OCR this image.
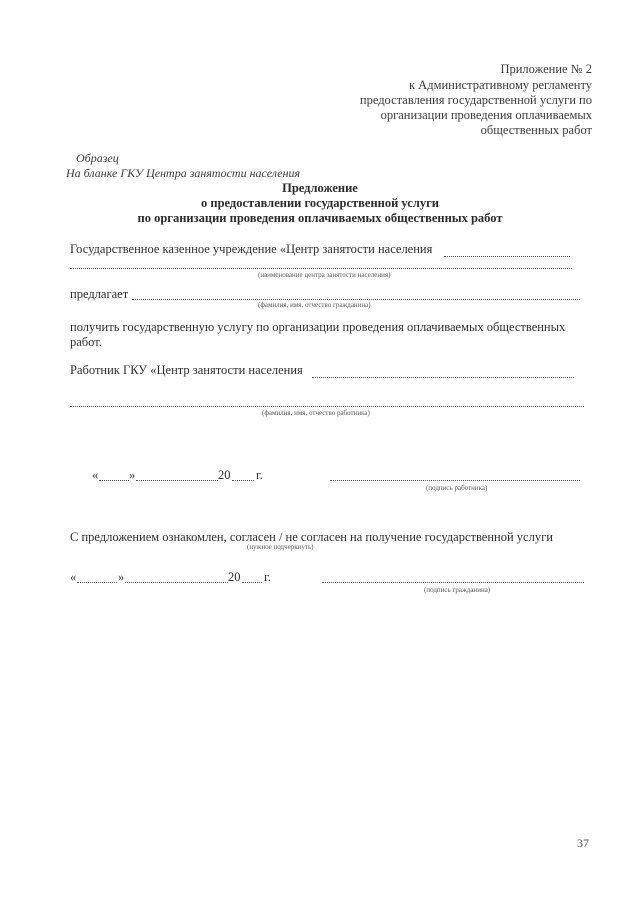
Приложение № 2
к Административному регламенту
предоставления государственной услуги по
организации проведения оплачиваемых
общественных работ
Образец
На бланке ГКУ Центра занятости населения
Предложение
о предоставлении государственной услуги
по организации проведения оплачиваемых общественных работ
Государственное казенное учреждение «Центр занятости населения
(наименование центра занятости населения)
предлагает
(фамилия, имя, отчество гражданина)
получить государственную услугу по организации проведения оплачиваемых общественных
работ.
Работник ГКУ «Центр занятости населения
(фамилия, имя, отчество работника)
« »	20 г.
(подпись работника)
С предложением ознакомлен, согласен / не согласен на получение государственной услуги
(нужное подчеркнуть)
«	»	20 г.
(подпись гражданина)
37
